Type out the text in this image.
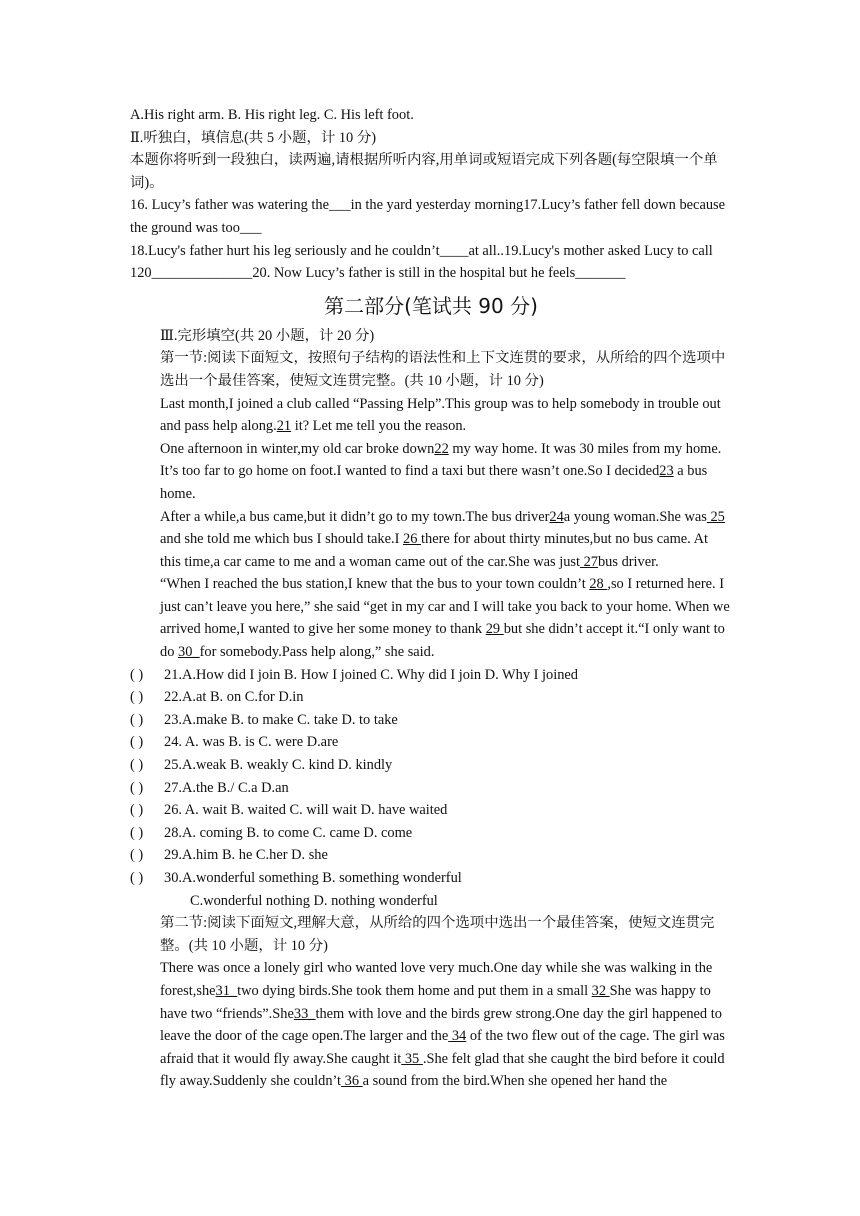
A.His right arm. B. His right leg. C. His left foot.
Ⅱ.听独白，填信息(共 5 小题，计 10 分)
本题你将听到一段独白，读两遍,请根据所听内容,用单词或短语完成下列各题(每空限填一个单词)。
16. Lucy’s father was watering the___in the yard yesterday morning17.Lucy’s father fell down because the ground was too___
18.Lucy's father hurt his leg seriously and he couldn’t____at all..19.Lucy's mother asked Lucy to call 120______________20. Now Lucy’s father is still in the hospital but he feels_______
第二部分(笔试共 90 分)
Ⅲ.完形填空(共 20 小题，计 20 分)
第一节:阅读下面短文，按照句子结构的语法性和上下文连贯的要求，从所给的四个选项中选出一个最佳答案，使短文连贯完整。(共 10 小题，计 10 分)
Last month,I joined a club called “Passing Help”.This group was to help somebody in trouble out and pass help along.21 it? Let me tell you the reason.
One afternoon in winter,my old car broke down22 my way home. It was 30 miles from my home. It’s too far to go home on foot.I wanted to find a taxi but there wasn’t one.So I decided23 a bus home.
After a while,a bus came,but it didn’t go to my town.The bus driver24a young woman.She was 25 and she told me which bus I should take.I 26 there for about thirty minutes,but no bus came. At this time,a car came to me and a woman came out of the car.She was just 27bus driver.
“When I reached the bus station,I knew that the bus to your town couldn’t 28 ,so I returned here. I just can’t leave you here,” she said “get in my car and I will take you back to your home. When we arrived home,I wanted to give her some money to thank 29 but she didn’t accept it.“I only want to do 30_for somebody.Pass help along,” she said.
( )	21.A.How did I join B. How I joined C. Why did I join D. Why I joined
( )	22.A.at B. on C.for D.in
( )	23.A.make B. to make C. take D. to take
( )	24. A. was B. is C. were D.are
( )	25.A.weak B. weakly C. kind D. kindly
( )	27.A.the B./ C.a D.an
( )	26. A. wait B. waited C. will wait D. have waited
( )	28.A. coming B. to come C. came D. come
( )	29.A.him B. he C.her D. she
( )	30.A.wonderful something B. something wonderful
C.wonderful nothing D. nothing wonderful
第二节:阅读下面短文,理解大意，从所给的四个选项中选出一个最佳答案，使短文连贯完整。(共 10 小题，计 10 分)
There was once a lonely girl who wanted love very much.One day while she was walking in the forest,she31_two dying birds.She took them home and put them in a small 32 She was happy to have two “friends”.She33_them with love and the birds grew strong.One day the girl happened to leave the door of the cage open.The larger and the 34 of the two flew out of the cage. The girl was afraid that it would fly away.She caught it 35 .She felt glad that she caught the bird before it could fly away.Suddenly she couldn’t 36 a sound from the bird.When she opened her hand the
